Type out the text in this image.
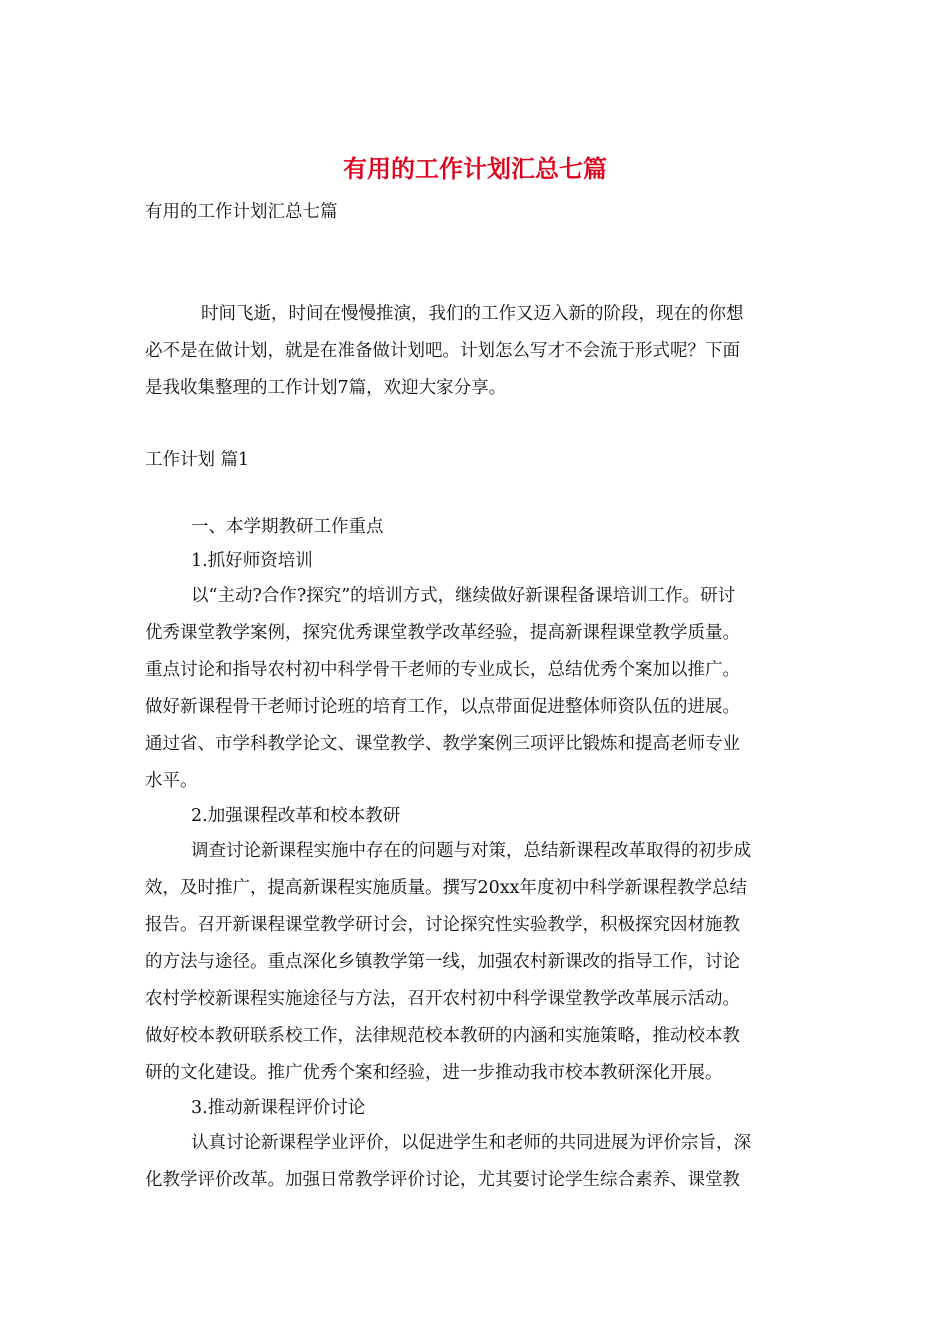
有用的工作计划汇总七篇

有用的工作计划汇总七篇

时间飞逝，时间在慢慢推演，我们的工作又迈入新的阶段，现在的你想

必不是在做计划，就是在准备做计划吧。计划怎么写才不会流于形式呢？下面

是我收集整理的工作计划7篇，欢迎大家分享。

工作计划 篇1

一、本学期教研工作重点

1.抓好师资培训

以“主动?合作?探究”的培训方式，继续做好新课程备课培训工作。研讨

优秀课堂教学案例，探究优秀课堂教学改革经验，提高新课程课堂教学质量。

重点讨论和指导农村初中科学骨干老师的专业成长，总结优秀个案加以推广。

做好新课程骨干老师讨论班的培育工作，以点带面促进整体师资队伍的进展。

通过省、市学科教学论文、课堂教学、教学案例三项评比锻炼和提高老师专业

水平。

2.加强课程改革和校本教研

调查讨论新课程实施中存在的问题与对策，总结新课程改革取得的初步成

效，及时推广，提高新课程实施质量。撰写20xx年度初中科学新课程教学总结

报告。召开新课程课堂教学研讨会，讨论探究性实验教学，积极探究因材施教

的方法与途径。重点深化乡镇教学第一线，加强农村新课改的指导工作，讨论

农村学校新课程实施途径与方法，召开农村初中科学课堂教学改革展示活动。

做好校本教研联系校工作，法律规范校本教研的内涵和实施策略，推动校本教

研的文化建设。推广优秀个案和经验，进一步推动我市校本教研深化开展。

3.推动新课程评价讨论

认真讨论新课程学业评价，以促进学生和老师的共同进展为评价宗旨，深

化教学评价改革。加强日常教学评价讨论，尤其要讨论学生综合素养、课堂教
